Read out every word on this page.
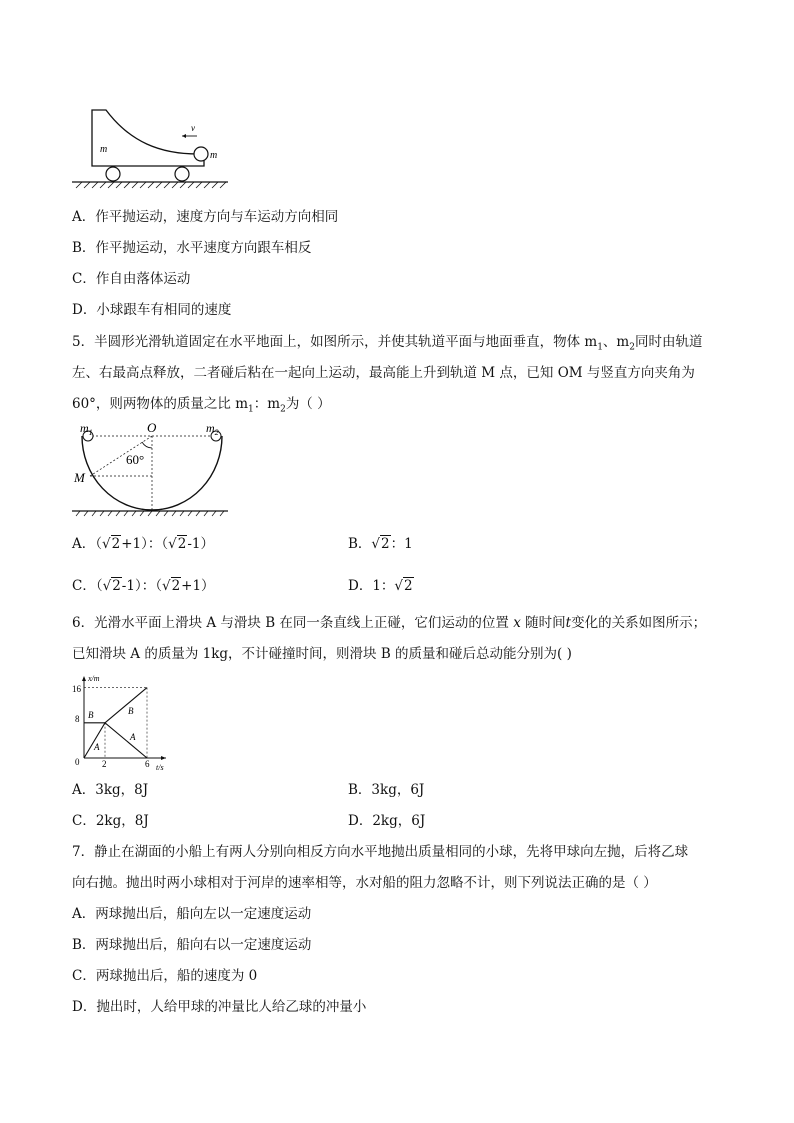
v
m
m
A．作平抛运动，速度方向与车运动方向相同
B．作平抛运动，水平速度方向跟车相反
C．作自由落体运动
D．小球跟车有相同的速度
5．半圆形光滑轨道固定在水平地面上，如图所示，并使其轨道平面与地面垂直，物体 $m_1$、$m_2$同时由轨道
左、右最高点释放，二者碰后粘在一起向上运动，最高能上升到轨道 M 点，已知 OM 与竖直方向夹角为
60°，则两物体的质量之比 $m_1$：$m_2$为（ ）
$m_1$	O	$m_2$
60°
M
A．（√2+1）：（√2-1）	B．√2：1
C．（√2-1）：（√2+1）	D．1：√2
6．光滑水平面上滑块 A 与滑块 B 在同一条直线上正碰，它们运动的位置 x 随时间t变化的关系如图所示；
已知滑块 A 的质量为 1kg，不计碰撞时间，则滑块 B 的质量和碰后总动能分别为( )
x/m
t/s
16
8
0	2	6
B	B
A
A
A．3kg，8J	B．3kg，6J
C．2kg，8J	D．2kg，6J
7．静止在湖面的小船上有两人分别向相反方向水平地抛出质量相同的小球，先将甲球向左抛，后将乙球
向右抛。抛出时两小球相对于河岸的速率相等，水对船的阻力忽略不计，则下列说法正确的是（ ）
A．两球抛出后，船向左以一定速度运动
B．两球抛出后，船向右以一定速度运动
C．两球抛出后，船的速度为 0
D．抛出时，人给甲球的冲量比人给乙球的冲量小
